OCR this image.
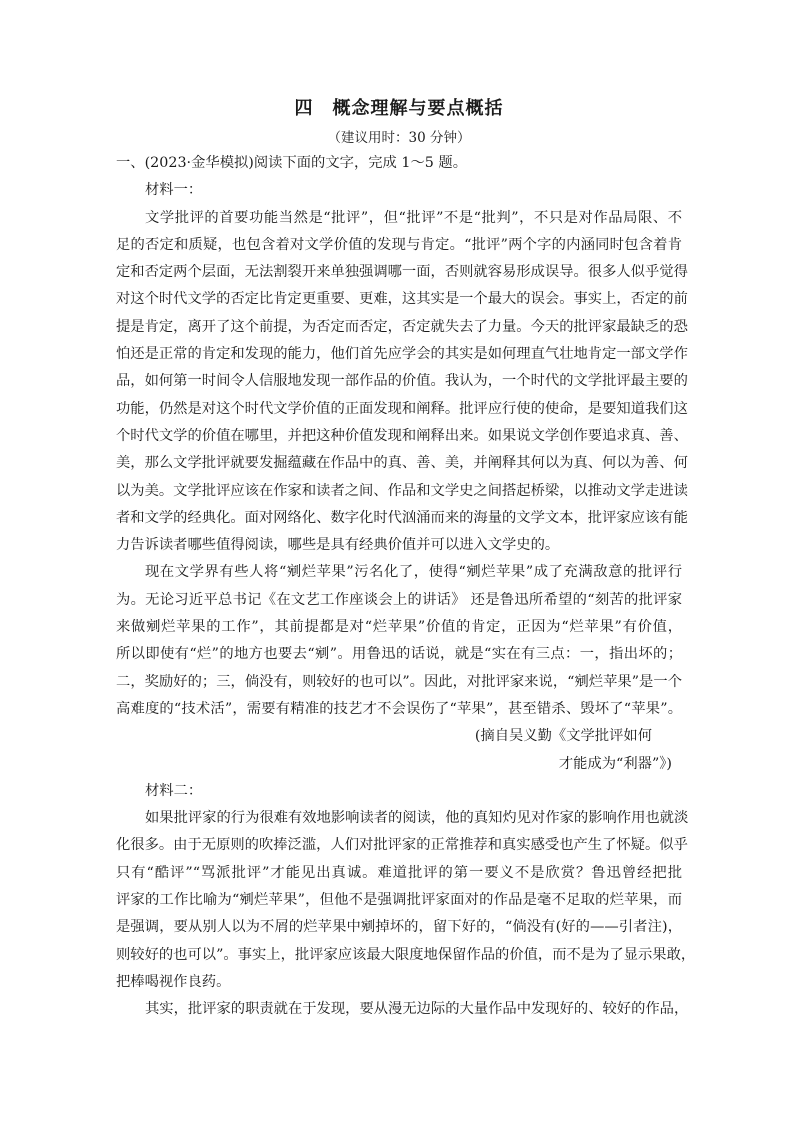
四　概念理解与要点概括
（建议用时：30 分钟）
一、(2023·金华模拟)阅读下面的文字，完成 1～5 题。
材料一：
文学批评的首要功能当然是“批评”，但“批评”不是“批判”，不只是对作品局限、不
足的否定和质疑，也包含着对文学价值的发现与肯定。“批评”两个字的内涵同时包含着肯
定和否定两个层面，无法割裂开来单独强调哪一面，否则就容易形成误导。很多人似乎觉得
对这个时代文学的否定比肯定更重要、更难，这其实是一个最大的误会。事实上，否定的前
提是肯定，离开了这个前提，为否定而否定，否定就失去了力量。今天的批评家最缺乏的恐
怕还是正常的肯定和发现的能力，他们首先应学会的其实是如何理直气壮地肯定一部文学作
品，如何第一时间令人信服地发现一部作品的价值。我认为，一个时代的文学批评最主要的
功能，仍然是对这个时代文学价值的正面发现和阐释。批评应行使的使命，是要知道我们这
个时代文学的价值在哪里，并把这种价值发现和阐释出来。如果说文学创作要追求真、善、
美，那么文学批评就要发掘蕴藏在作品中的真、善、美，并阐释其何以为真、何以为善、何
以为美。文学批评应该在作家和读者之间、作品和文学史之间搭起桥梁，以推动文学走进读
者和文学的经典化。面对网络化、数字化时代汹涌而来的海量的文学文本，批评家应该有能
力告诉读者哪些值得阅读，哪些是具有经典价值并可以进入文学史的。
现在文学界有些人将“剜烂苹果”污名化了，使得“剜烂苹果”成了充满敌意的批评行
为。无论习近平总书记《在文艺工作座谈会上的讲话》 还是鲁迅所希望的“刻苦的批评家
来做剜烂苹果的工作”，其前提都是对“烂苹果”价值的肯定，正因为“烂苹果”有价值，
所以即使有“烂”的地方也要去“剜”。用鲁迅的话说，就是“实在有三点：一，指出坏的；
二，奖励好的；三，倘没有，则较好的也可以”。因此，对批评家来说，“剜烂苹果”是一个
高难度的“技术活”，需要有精准的技艺才不会误伤了“苹果”，甚至错杀、毁坏了“苹果”。
(摘自吴义勤《文学批评如何
才能成为“利器”》)
材料二：
如果批评家的行为很难有效地影响读者的阅读，他的真知灼见对作家的影响作用也就淡
化很多。由于无原则的吹捧泛滥，人们对批评家的正常推荐和真实感受也产生了怀疑。似乎
只有“酷评”“骂派批评”才能见出真诚。难道批评的第一要义不是欣赏？鲁迅曾经把批
评家的工作比喻为“剜烂苹果”，但他不是强调批评家面对的作品是毫不足取的烂苹果，而
是强调，要从别人以为不屑的烂苹果中剜掉坏的，留下好的，“倘没有(好的——引者注)，
则较好的也可以”。事实上，批评家应该最大限度地保留作品的价值，而不是为了显示果敢，
把棒喝视作良药。
其实，批评家的职责就在于发现，要从漫无边际的大量作品中发现好的、较好的作品，
